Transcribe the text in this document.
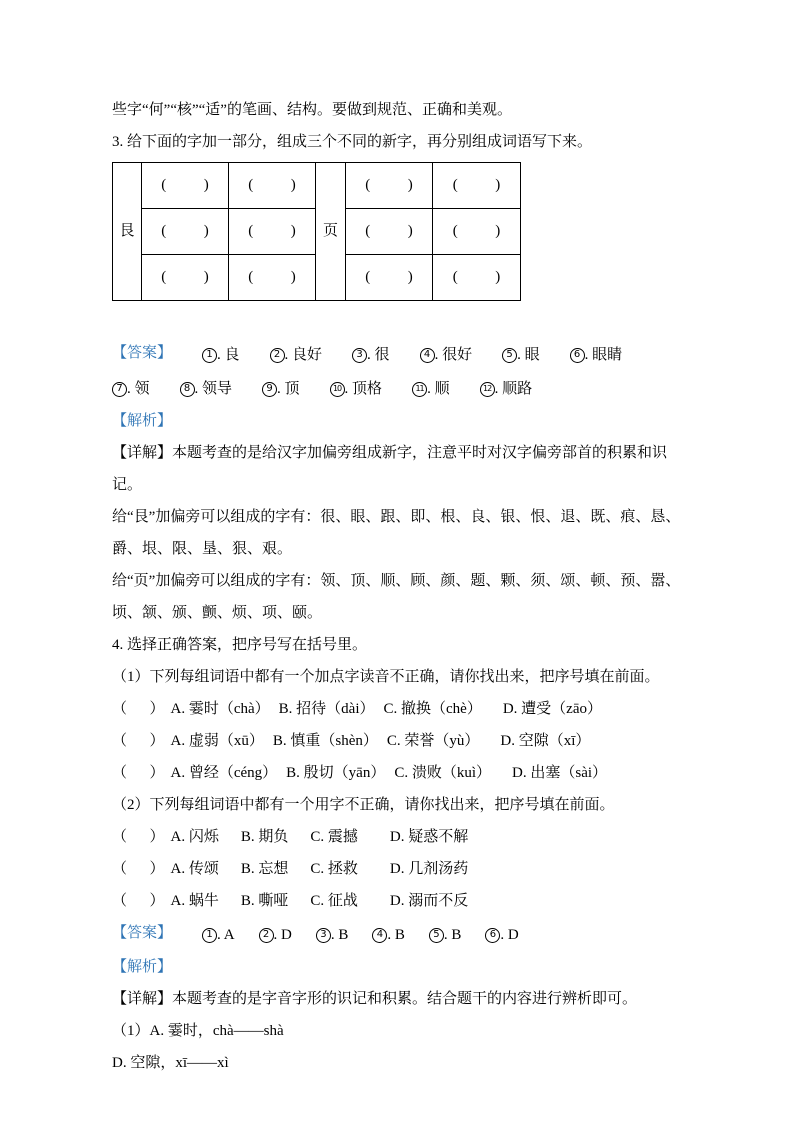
些字“何”“核”“适”的笔画、结构。要做到规范、正确和美观。

3. 给下面的字加一部分，组成三个不同的新字，再分别组成词语写下来。

艮	(          )	(          )	页	(          )	(          )
	(          )	(          )		(          )	(          )
	(          )	(          )		(          )	(          )

【答案】	1 . 良	2 . 良好	3 . 很	4 . 很好	5 . 眼	6 . 眼睛

7 . 领	8 . 领导	9 . 顶	10 . 顶格	11 . 顺	12 . 顺路

【解析】

【详解】本题考查的是给汉字加偏旁组成新字，注意平时对汉字偏旁部首的积累和识记。

给“艮”加偏旁可以组成的字有：很、眼、跟、即、根、良、银、恨、退、既、痕、恳、

爵、垠、限、垦、狠、艰。

给“页”加偏旁可以组成的字有：领、顶、顺、顾、颜、题、颗、须、颂、顿、预、嚣、

顷、颔、颁、颤、烦、项、颐。

4. 选择正确答案，把序号写在括号里。

（1）下列每组词语中都有一个加点字读音不正确，请你找出来，把序号填在前面。

（      ） A. 霎时（chà） B. 招待（dài） C. 撤换（chè） D. 遭受（zāo）
（      ） A. 虚弱（xū） B. 慎重（shèn） C. 荣誉（yù） D. 空隙（xī）
（      ） A. 曾经（céng） B. 殷切（yān） C. 溃败（kuì） D. 出塞（sài）

（2）下列每组词语中都有一个用字不正确，请你找出来，把序号填在前面。

（      ） A. 闪烁 B. 期负 C. 震撼 D. 疑惑不解
（      ） A. 传颂 B. 忘想 C. 拯救 D. 几剂汤药
（      ） A. 蜗牛 B. 嘶哑 C. 征战 D. 溺而不反

【答案】	1 . A	2 . D	3 . B	4 . B	5 . B	6 . D

【解析】

【详解】本题考查的是字音字形的识记和积累。结合题干的内容进行辨析即可。

（1）A. 霎时，chà——shà

D. 空隙，xī——xì
